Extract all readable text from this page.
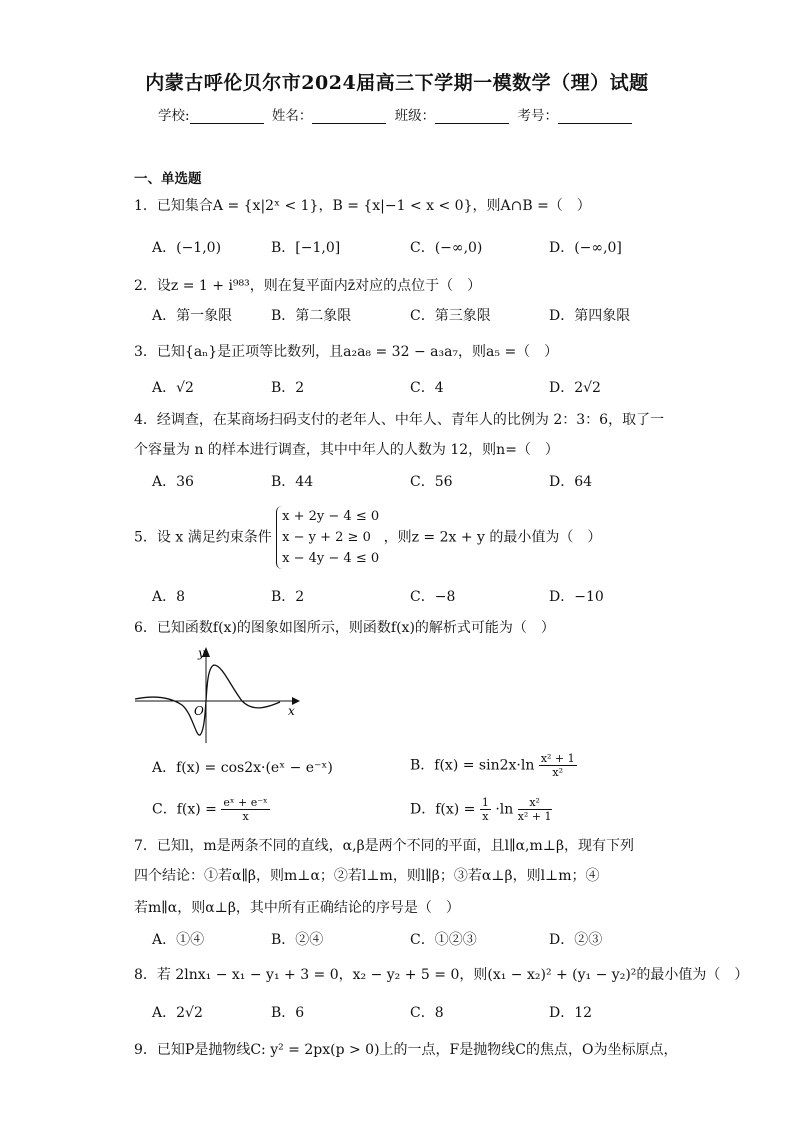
内蒙古呼伦贝尔市2024届高三下学期一模数学（理）试题
学校:	姓名：	班级：	考号：
一、单选题
1．已知集合A = {x|2ˣ < 1}，B = {x|−1 < x < 0}，则A∩B =（　）
A．(−1,0)	B．[−1,0]	C．(−∞,0)	D．(−∞,0]
2．设z = 1 + i⁹⁸³，则在复平面内z̄对应的点位于（　）
A．第一象限	B．第二象限	C．第三象限	D．第四象限
3．已知{aₙ}是正项等比数列，且a₂a₈ = 32 − a₃a₇，则a₅ =（　）
A．√2	B．2	C．4	D．2√2
4．经调查，在某商场扫码支付的老年人、中年人、青年人的比例为 2：3：6，取了一
个容量为 n 的样本进行调查，其中中年人的人数为 12，则n=（　）
A．36	B．44	C．56	D．64
5．设 x 满足约束条件
x + 2y − 4 ≤ 0
x − y + 2 ≥ 0
x − 4y − 4 ≤ 0
，则z = 2x + y 的最小值为（　）
A．8	B．2	C．−8	D．−10
6．已知函数f(x)的图象如图所示，则函数f(x)的解析式可能为（　）
y
x
O
A．f(x) = cos2x·(eˣ − e⁻ˣ)	B．$f(x) = \sin 2x\cdot\ln \frac{\text{x² + 1}}{\text{x²}}$
C．$f(x) = \frac{\text{eˣ + e⁻ˣ}}{x}$	D．$f(x) = \frac{1}{x} \cdot\ln \frac{\text{x²}}{\text{x² + 1}}$
7．已知l，m是两条不同的直线，α,β是两个不同的平面，且l∥α,m⊥β，现有下列
四个结论：①若α∥β，则m⊥α；②若l⊥m，则l∥β；③若α⊥β，则l⊥m；④
若m∥α，则α⊥β，其中所有正确结论的序号是（　）
A．①④	B．②④	C．①②③	D．②③
8．若 2lnx₁ − x₁ − y₁ + 3 = 0，x₂ − y₂ + 5 = 0，则(x₁ − x₂)² + (y₁ − y₂)²的最小值为（　）
A．2√2	B．6	C．8	D．12
9．已知P是抛物线C: y² = 2px(p > 0)上的一点，F是抛物线C的焦点，O为坐标原点，
